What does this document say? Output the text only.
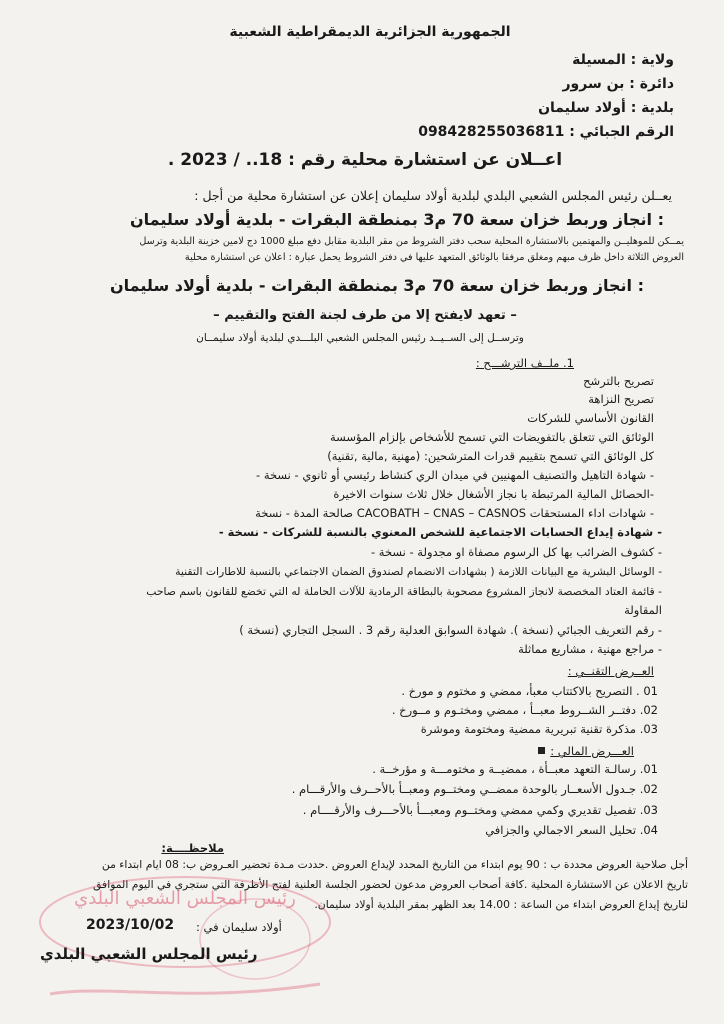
الجمهورية الجزائرية الديمقراطية الشعبية
ولاية : المسيلة
دائرة : بن سرور
بلدية : أولاد سليمان
الرقم الجبائي : 09842825503681‌1
اعــلان عن استشارة محلية رقم : 18.. / 2023 .
يعــلن رئيس المجلس الشعبي البلدي لبلدية أولاد سليمان إعلان عن استشارة محلية من أجل :
: انجاز وربط خزان سعة 70 م3 بمنطقة البقرات - بلدية أولاد سليمان
يمــكن للموهليــن والمهتمين بالاستشارة المحلية سحب دفتر الشروط من مقر البلدية مقابل دفع مبلغ 1000 دج لامين خزينة البلدية وترسل
العروض الثلاثة داخل ظرف مبهم ومغلق مرفقا بالوثائق المتعهد عليها في دفتر الشروط يحمل عبارة : اعلان عن استشارة محلية
: انجاز وربط خزان سعة 70 م3 بمنطقة البقرات - بلدية أولاد سليمان
– تعهد لايفتح إلا من طرف لجنة الفتح والتقييم –
وترســل إلى الســيــد رئيس المجلس الشعبي البلـــدي لبلدية أولاد سليمــان
1. ملــف الترشـــح :
تصريح بالترشح
تصريح النزاهة
القانون الأساسي للشركات
الوثائق التي تتعلق بالتفويضات التي تسمح للأشخاص بإلزام المؤسسة
كل الوثائق التي تسمح بتقييم قدرات المترشحين: (مهنية ,مالية ,تقنية)
- شهادة التاهيل والتصنيف المهنيين في ميدان الري كنشاط رئيسي أو ثانوي - نسخة -
-الحصائل المالية المرتبطة با نجاز الأشغال خلال ثلاث سنوات الاخيرة
- شهادات اداء المستحقات CACOBATH – CNAS – CASNOS صالحة المدة - نسخة
- شهادة إيداع الحسابات الاجتماعية للشخص المعنوي بالنسبة للشركات - نسخة -
- كشوف الضرائب بها كل الرسوم مصفاة او مجدولة - نسخة -
- الوسائل البشرية مع البيانات اللازمة ( بشهادات الانضمام لصندوق الضمان الاجتماعي بالنسبة للاطارات التقنية
- قائمة العتاد المخصصة لانجاز المشروع مصحوبة بالبطاقة الرمادية للآلات الحاملة له التي تخضع للقانون باسم صاحب
المقاولة
- رقم التعريف الجبائي (نسخة ). شهادة السوابق العدلية رقم 3 . السجل التجاري (نسخة )
- مراجع مهنية ، مشاريع مماثلة
العــرض التقنــي :
01 . التصريح بالاكتتاب معبأ، ممضي و مختوم و مورخ .
02. دفتــر الشــروط معبــأ ، ممضي ومختـوم و مــورخ .
03. مذكرة تقنية تبريرية ممضية ومختومة وموشرة
العـــرض المالي :
01. رسالـة التعهد معبــأة ، ممضيــة و مختومـــة و مؤرخــة .
02. جـدول الأسعــار بالوحدة ممضــي ومختــوم ومعبــأ بالأحــرف والأرقـــام .
03. تفصيل تقديري وكمي ممضي ومختــوم ومعبـــأ بالأحـــرف والأرقــــام .
04. تحليل السعر الاجمالي والجزافي
ملاحظــــة:
أجل صلاحية العروض محددة ب : 90 يوم ابتداء من التاريخ المحدد لإيداع العروض .حددت مـدة تحضير العـروض ب: 08 ايام ابتداء من
تاريخ الاعلان عن الاستشارة المحلية .كافة أصحاب العروض مدعون لحضور الجلسة العلنية لفتح الأظرفة التي ستجري في اليوم الموافق
لتاريخ إيداع العروض ابتداء من الساعة : 14.00 بعد الظهر بمقر البلدية أولاد سليمان.
رئيس المجلس الشعبي البلدي
أولاد سليمان في :
2023/10/02
رئيس المجلس الشعبي البلدي
